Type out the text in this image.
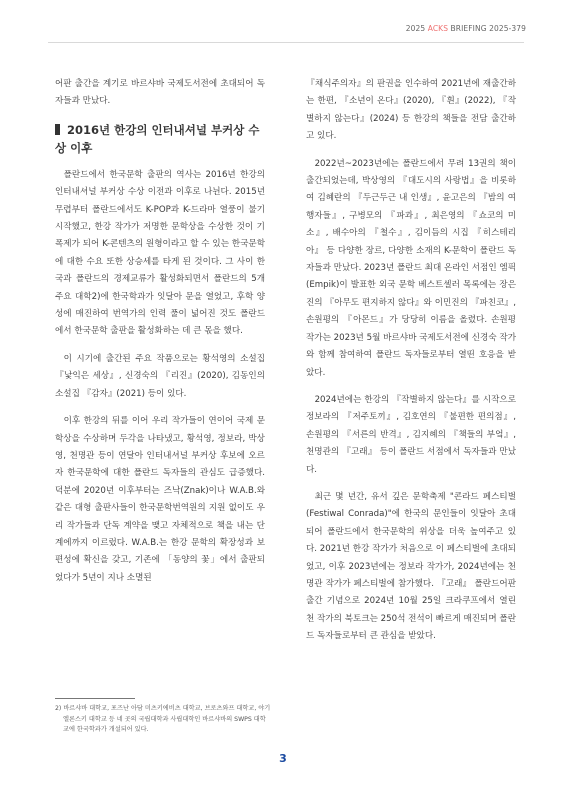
2025 ACKS BRIEFING 2025-379

어판 출간을 계기로 바르샤바 국제도서전에 초대되어 독자들과 만났다.

2016년 한강의 인터내셔널 부커상 수상 이후

폴란드에서 한국문학 출판의 역사는 2016년 한강의 인터내셔널 부커상 수상 이전과 이후로 나뉜다. 2015년 무렵부터 폴란드에서도 K-POP과 K-드라마 열풍이 불기 시작했고, 한강 작가가 저명한 문학상을 수상한 것이 기폭제가 되어 K-콘텐츠의 원형이라고 할 수 있는 한국문학에 대한 수요 또한 상승세를 타게 된 것이다. 그 사이 한국과 폴란드의 경제교류가 활성화되면서 폴란드의 5개 주요 대학2)에 한국학과가 잇달아 문을 열었고, 후학 양성에 매진하여 번역가의 인력 풀이 넓어진 것도 폴란드에서 한국문학 출판을 활성화하는 데 큰 몫을 했다.

이 시기에 출간된 주요 작품으로는 황석영의 소설집 『낯익은 세상』, 신경숙의 『리진』(2020), 김동인의 소설집 『감자』(2021) 등이 있다.

이후 한강의 뒤를 이어 우리 작가들이 연이어 국제 문학상을 수상하며 두각을 나타냈고, 황석영, 정보라, 박상영, 천명관 등이 연달아 인터내셔널 부커상 후보에 오르자 한국문학에 대한 폴란드 독자들의 관심도 급증했다. 덕분에 2020년 이후부터는 즈낙(Znak)이나 W.A.B.와 같은 대형 출판사들이 한국문학번역원의 지원 없이도 우리 작가들과 단독 계약을 맺고 자체적으로 책을 내는 단계에까지 이르렀다. W.A.B.는 한강 문학의 확장성과 보편성에 확신을 갖고, 기존에 「동양의 꽃」에서 출판되었다가 5년이 지나 소멸된

2) 바르샤바 대학교, 포즈난 아담 미츠키에비츠 대학교, 브로츠와프 대학교, 야기엘론스키 대학교 등 네 곳의 국립대학과 사립대학인 바르샤바의 SWPS 대학교에 한국학과가 개설되어 있다.

『채식주의자』의 판권을 인수하여 2021년에 재출간하는 한편, 『소년이 온다』(2020), 『흰』(2022), 『작별하지 않는다』(2024) 등 한강의 책들을 전담 출간하고 있다.

2022년~2023년에는 폴란드에서 무려 13권의 책이 출간되었는데, 박상영의 『대도시의 사랑법』을 비롯하여 김혜란의 『두근두근 내 인생』, 윤고은의 『밤의 여행자들』, 구병모의 『파과』, 최은영의 『쇼코의 미소』, 배수아의 『철수』, 김이듬의 시집 『히스테리아』 등 다양한 장르, 다양한 소재의 K-문학이 폴란드 독자들과 만났다. 2023년 폴란드 최대 온라인 서점인 엠픽(Empik)이 발표한 외국 문학 베스트셀러 목록에는 장은진의 『아무도 편지하지 않다』와 이민진의 『파친코』, 손원평의 『아몬드』가 당당히 이름을 올렸다. 손원평 작가는 2023년 5월 바르샤바 국제도서전에 신경숙 작가와 함께 참여하여 폴란드 독자들로부터 열띤 호응을 받았다.

2024년에는 한강의 『작별하지 않는다』를 시작으로 정보라의 『저주토끼』, 김호연의 『불편한 편의점』, 손원평의 『서른의 반격』, 김지혜의 『책들의 부엌』, 천명관의 『고래』 등이 폴란드 서점에서 독자들과 만났다.

최근 몇 년간, 유서 깊은 문학축제 "콘라드 페스티벌(Festiwal Conrada)"에 한국의 문인들이 잇달아 초대되어 폴란드에서 한국문학의 위상을 더욱 높여주고 있다. 2021년 한강 작가가 처음으로 이 페스티벌에 초대되었고, 이후 2023년에는 정보라 작가가, 2024년에는 천명관 작가가 페스티벌에 참가했다. 『고래』 폴란드어판 출간 기념으로 2024년 10월 25일 크라쿠프에서 열린 천 작가의 북토크는 250석 전석이 빠르게 매진되며 폴란드 독자들로부터 큰 관심을 받았다.

3
